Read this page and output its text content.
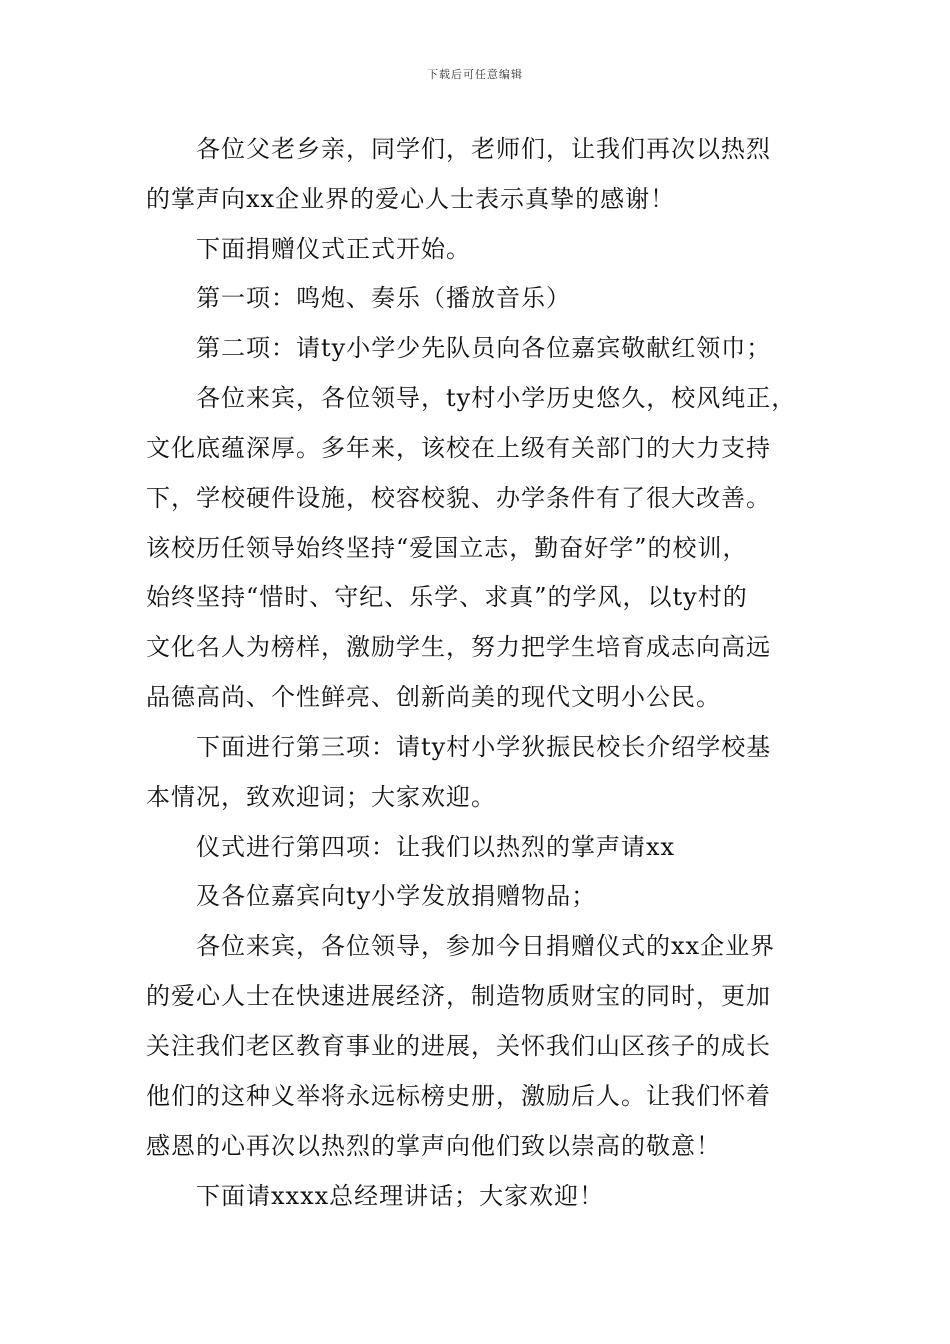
下载后可任意编辑
各位父老乡亲，同学们，老师们，让我们再次以热烈
的掌声向xx企业界的爱心人士表示真挚的感谢！
下面捐赠仪式正式开始。
第一项：鸣炮、奏乐（播放音乐）
第二项：请ty小学少先队员向各位嘉宾敬献红领巾；
各位来宾，各位领导，ty村小学历史悠久，校风纯正，
文化底蕴深厚。多年来，该校在上级有关部门的大力支持
下，学校硬件设施，校容校貌、办学条件有了很大改善。
该校历任领导始终坚持“爱国立志，勤奋好学”的校训，
始终坚持“惜时、守纪、乐学、求真”的学风，以ty村的
文化名人为榜样，激励学生，努力把学生培育成志向高远
品德高尚、个性鲜亮、创新尚美的现代文明小公民。
下面进行第三项：请ty村小学狄振民校长介绍学校基
本情况，致欢迎词；大家欢迎。
仪式进行第四项：让我们以热烈的掌声请xx
及各位嘉宾向ty小学发放捐赠物品；
各位来宾，各位领导，参加今日捐赠仪式的xx企业界
的爱心人士在快速进展经济，制造物质财宝的同时，更加
关注我们老区教育事业的进展，关怀我们山区孩子的成长
他们的这种义举将永远标榜史册，激励后人。让我们怀着
感恩的心再次以热烈的掌声向他们致以崇高的敬意！
下面请xxxx总经理讲话；大家欢迎！
